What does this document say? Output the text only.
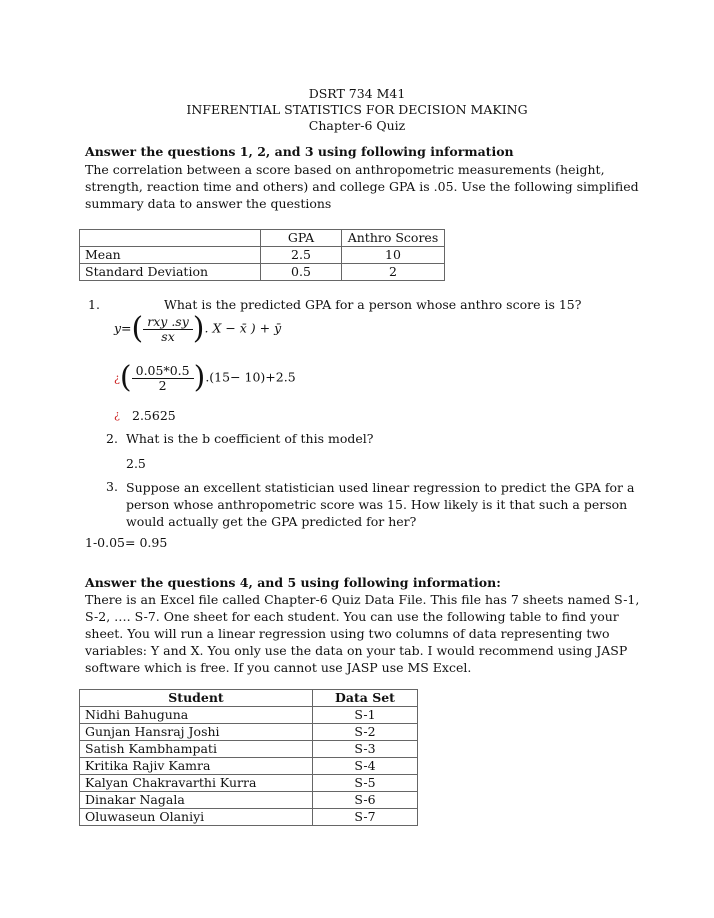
DSRT 734 M41
INFERENTIAL STATISTICS FOR DECISION MAKING
Chapter-6 Quiz
Answer the questions 1, 2, and 3 using following information
The correlation between a score based on anthropometric measurements (height, strength, reaction time and others) and college GPA is .05. Use the following simplified summary data to answer the questions
	GPA	Anthro Scores
Mean	2.5	10
Standard Deviation	0.5	2
1.	What is the predicted GPA for a person whose anthro score is 15?
$y=( \frac{\text{rxy .sy}}{sx}$ ). X − x̄ ) + ȳ
¿( $\frac{0.05*0.5}{2} ).(15- 10)+2.5$
¿ 2.5625
2. What is the b coefficient of this model?
2.5
3. Suppose an excellent statistician used linear regression to predict the GPA for a person whose anthropometric score was 15. How likely is it that such a person would actually get the GPA predicted for her?
1-0.05= 0.95
Answer the questions 4, and 5 using following information:
There is an Excel file called Chapter-6 Quiz Data File. This file has 7 sheets named S-1, S-2, …. S-7. One sheet for each student. You can use the following table to find your sheet. You will run a linear regression using two columns of data representing two variables: Y and X. You only use the data on your tab. I would recommend using JASP software which is free. If you cannot use JASP use MS Excel.
Student	Data Set
Nidhi Bahuguna	S-1
Gunjan Hansraj Joshi	S-2
Satish Kambhampati	S-3
Kritika Rajiv Kamra	S-4
Kalyan Chakravarthi Kurra	S-5
Dinakar Nagala	S-6
Oluwaseun Olaniyi	S-7
